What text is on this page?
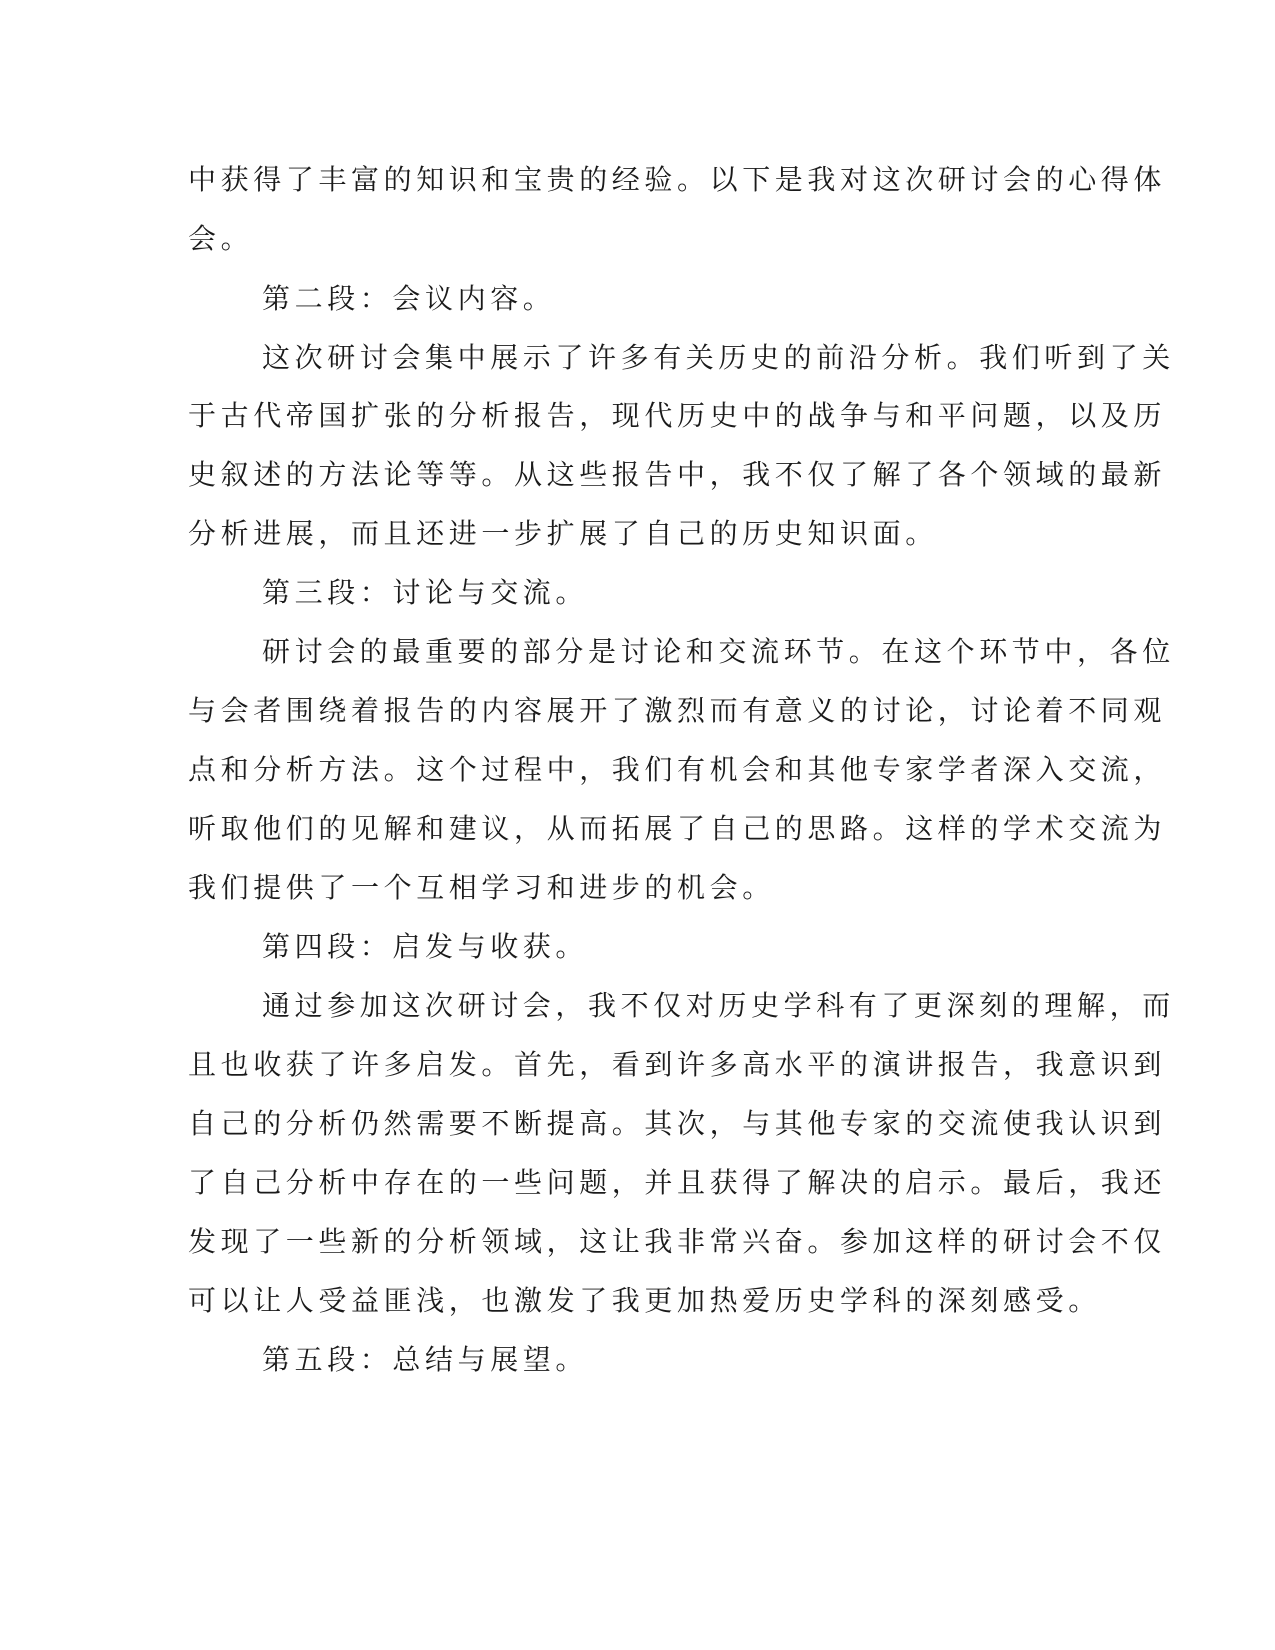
中获得了丰富的知识和宝贵的经验。以下是我对这次研讨会的心得体
会。
第二段：会议内容。
这次研讨会集中展示了许多有关历史的前沿分析。我们听到了关
于古代帝国扩张的分析报告，现代历史中的战争与和平问题，以及历
史叙述的方法论等等。从这些报告中，我不仅了解了各个领域的最新
分析进展，而且还进一步扩展了自己的历史知识面。
第三段：讨论与交流。
研讨会的最重要的部分是讨论和交流环节。在这个环节中，各位
与会者围绕着报告的内容展开了激烈而有意义的讨论，讨论着不同观
点和分析方法。这个过程中，我们有机会和其他专家学者深入交流，
听取他们的见解和建议，从而拓展了自己的思路。这样的学术交流为
我们提供了一个互相学习和进步的机会。
第四段：启发与收获。
通过参加这次研讨会，我不仅对历史学科有了更深刻的理解，而
且也收获了许多启发。首先，看到许多高水平的演讲报告，我意识到
自己的分析仍然需要不断提高。其次，与其他专家的交流使我认识到
了自己分析中存在的一些问题，并且获得了解决的启示。最后，我还
发现了一些新的分析领域，这让我非常兴奋。参加这样的研讨会不仅
可以让人受益匪浅，也激发了我更加热爱历史学科的深刻感受。
第五段：总结与展望。
